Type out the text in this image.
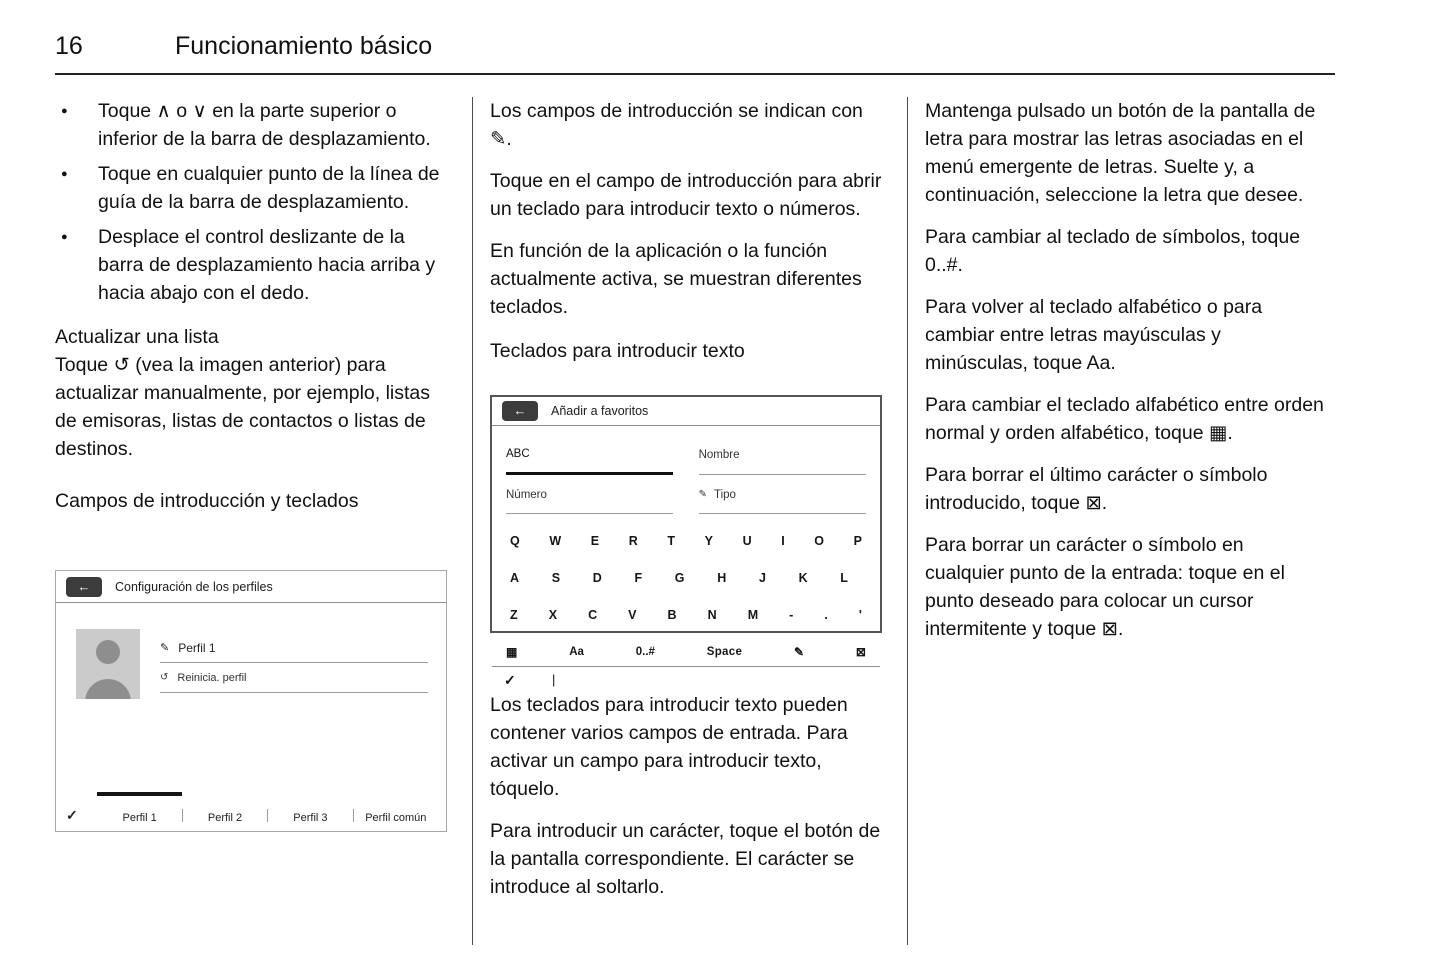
16	Funcionamiento básico
● Toque ∧ o ∨ en la parte superior o inferior de la barra de desplazamiento.
● Toque en cualquier punto de la línea de guía de la barra de desplazamiento.
● Desplace el control deslizante de la barra de desplazamiento hacia arriba y hacia abajo con el dedo.

Actualizar una lista

Toque ↺ (vea la imagen anterior) para actualizar manualmente, por ejemplo, listas de emisoras, listas de contactos o listas de destinos.

Campos de introducción y teclados

←	Configuración de los perfiles
✎ Perfil 1
↺ Reinicia. perfil
✓	Perfil 1	Perfil 2	Perfil 3	Perfil común

Los campos de introducción se indican con ✎.

Toque en el campo de introducción para abrir un teclado para introducir texto o números.

En función de la aplicación o la función actualmente activa, se muestran diferentes teclados.

Teclados para introducir texto

←	Añadir a favoritos
ABC	Nombre
Número	✎ Tipo
Q W E R T Y U I O P
A	S	D	F	G	H	J	K	L
Z X C V B N M - . '
▦	Aa	0..#	Space	✎	⊠
✓	|

Los teclados para introducir texto pueden contener varios campos de entrada. Para activar un campo para introducir texto, tóquelo.

Para introducir un carácter, toque el botón de la pantalla correspondiente. El carácter se introduce al soltarlo.

Mantenga pulsado un botón de la pantalla de letra para mostrar las letras asociadas en el menú emergente de letras. Suelte y, a continuación, seleccione la letra que desee.

Para cambiar al teclado de símbolos, toque 0..#.

Para volver al teclado alfabético o para cambiar entre letras mayúsculas y minúsculas, toque Aa.

Para cambiar el teclado alfabético entre orden normal y orden alfabético, toque ▦.

Para borrar el último carácter o símbolo introducido, toque ⊠.

Para borrar un carácter o símbolo en cualquier punto de la entrada: toque en el punto deseado para colocar un cursor intermitente y toque ⊠.
